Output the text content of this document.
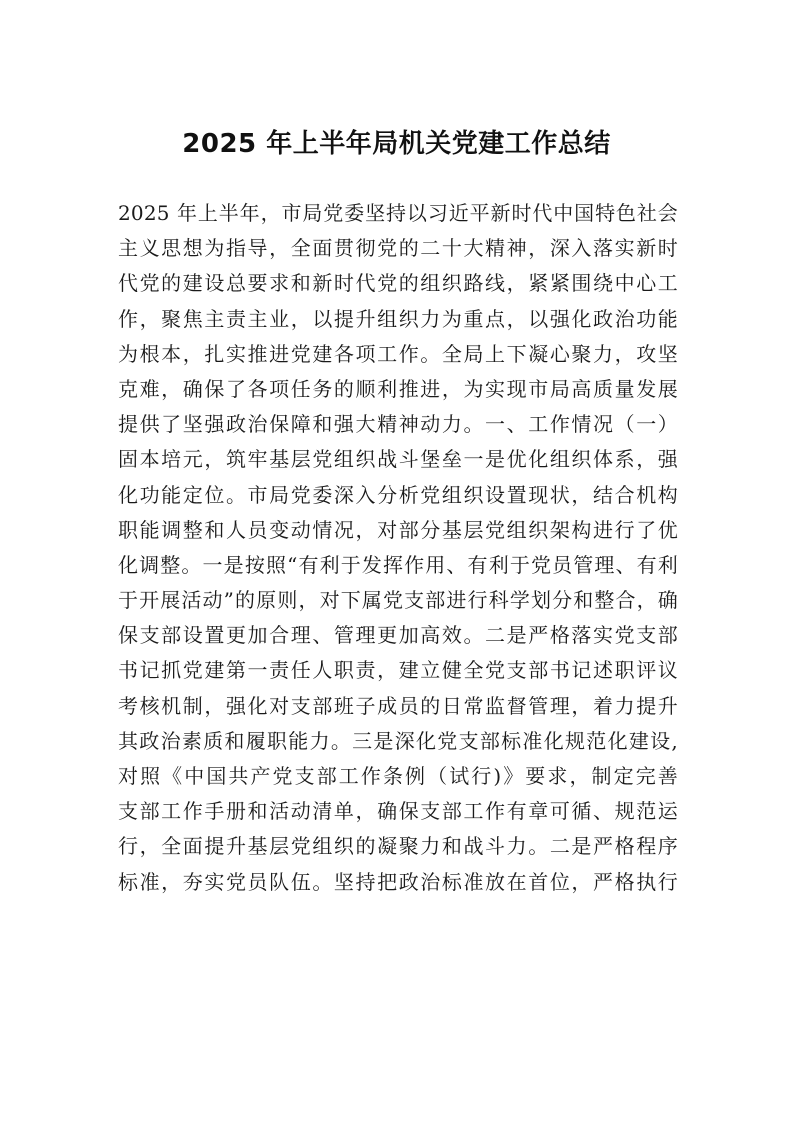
2025 年上半年局机关党建工作总结
2025 年上半年，市局党委坚持以习近平新时代中国特色社会
主义思想为指导，全面贯彻党的二十大精神，深入落实新时
代党的建设总要求和新时代党的组织路线，紧紧围绕中心工
作，聚焦主责主业，以提升组织力为重点，以强化政治功能
为根本，扎实推进党建各项工作。全局上下凝心聚力，攻坚
克难，确保了各项任务的顺利推进，为实现市局高质量发展
提供了坚强政治保障和强大精神动力。一、工作情况（一）
固本培元，筑牢基层党组织战斗堡垒一是优化组织体系，强
化功能定位。市局党委深入分析党组织设置现状，结合机构
职能调整和人员变动情况，对部分基层党组织架构进行了优
化调整。一是按照“有利于发挥作用、有利于党员管理、有利
于开展活动”的原则，对下属党支部进行科学划分和整合，确
保支部设置更加合理、管理更加高效。二是严格落实党支部
书记抓党建第一责任人职责，建立健全党支部书记述职评议
考核机制，强化对支部班子成员的日常监督管理，着力提升
其政治素质和履职能力。三是深化党支部标准化规范化建设,
对照《中国共产党支部工作条例（试行)》要求，制定完善
支部工作手册和活动清单，确保支部工作有章可循、规范运
行，全面提升基层党组织的凝聚力和战斗力。二是严格程序
标准，夯实党员队伍。坚持把政治标准放在首位，严格执行
